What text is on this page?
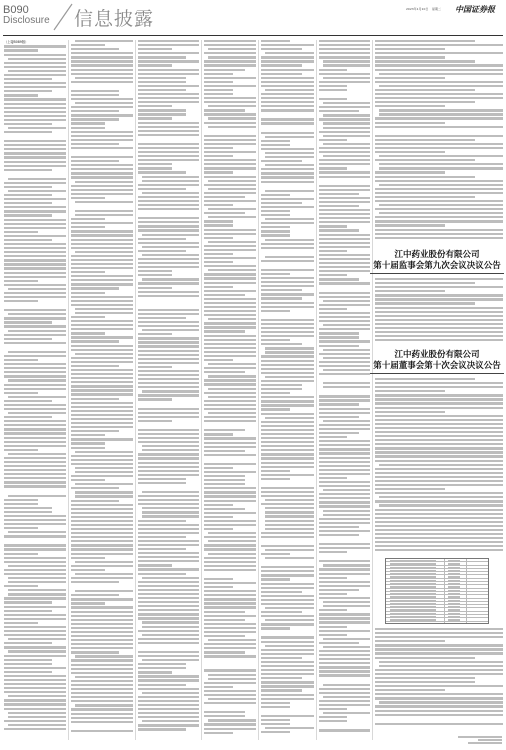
B090
Disclosure 信息披露	2023年1月10日 星期二 中国证券报
（上接B089版）
江中药业股份有限公司
第十届监事会第九次会议决议公告
江中药业股份有限公司
第十届董事会第十次会议决议公告
